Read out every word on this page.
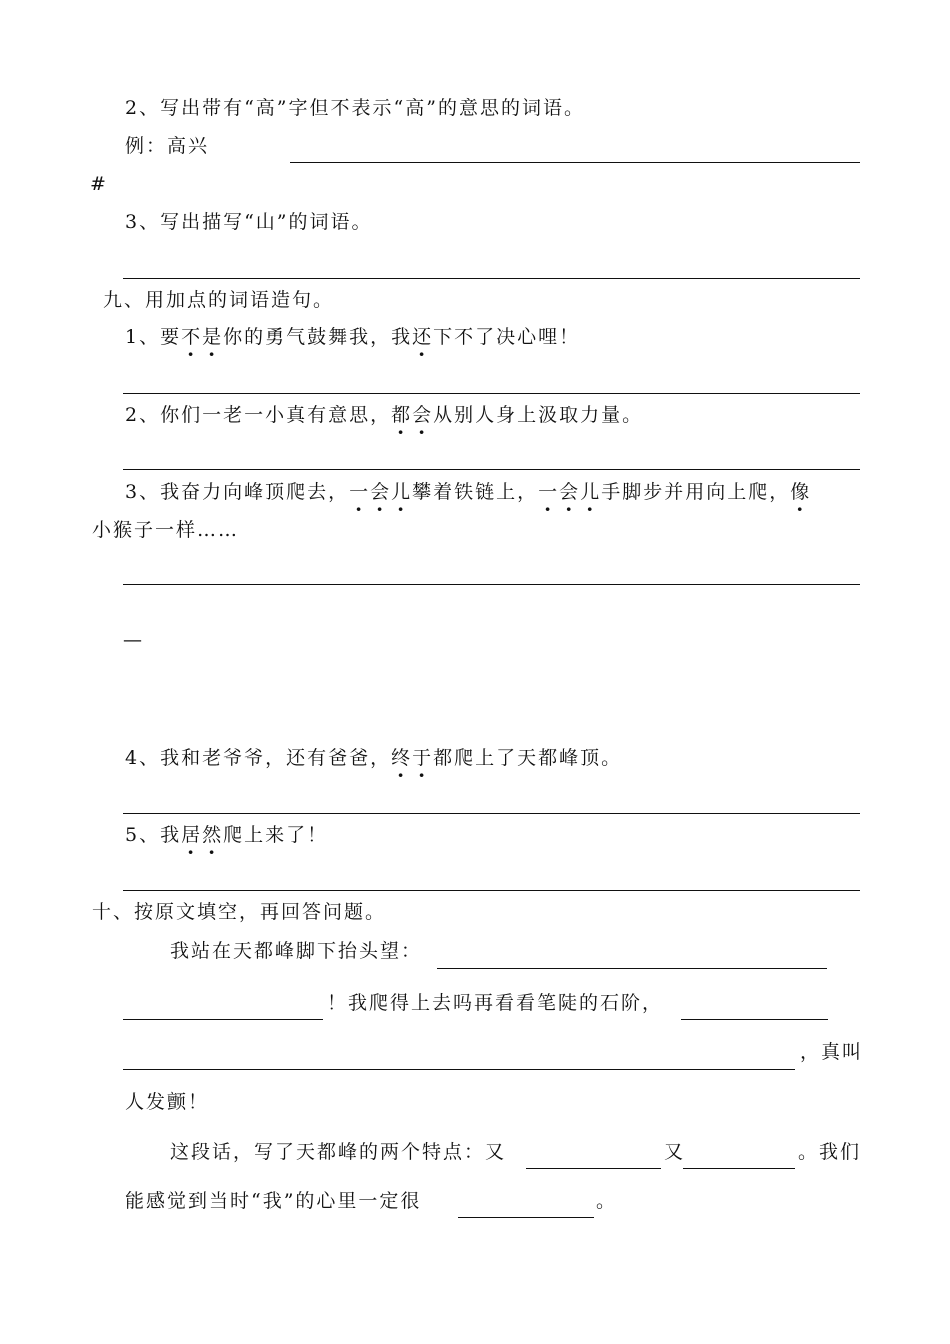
2、写出带有“高”字但不表示“高”的意思的词语。
例：高兴
#
3、写出描写“山”的词语。
九、用加点的词语造句。
1、要不是你的勇气鼓舞我，我还下不了决心哩！
2、你们一老一小真有意思，都会从别人身上汲取力量。
3、我奋力向峰顶爬去，一会儿攀着铁链上，一会儿手脚步并用向上爬，像
小猴子一样……
—
4、我和老爷爷，还有爸爸，终于都爬上了天都峰顶。
5、我居然爬上来了！
十、按原文填空，再回答问题。
我站在天都峰脚下抬头望：
！我爬得上去吗再看看笔陡的石阶，
，真叫
人发颤！
这段话，写了天都峰的两个特点：又	又	。我们
能感觉到当时“我”的心里一定很	。
